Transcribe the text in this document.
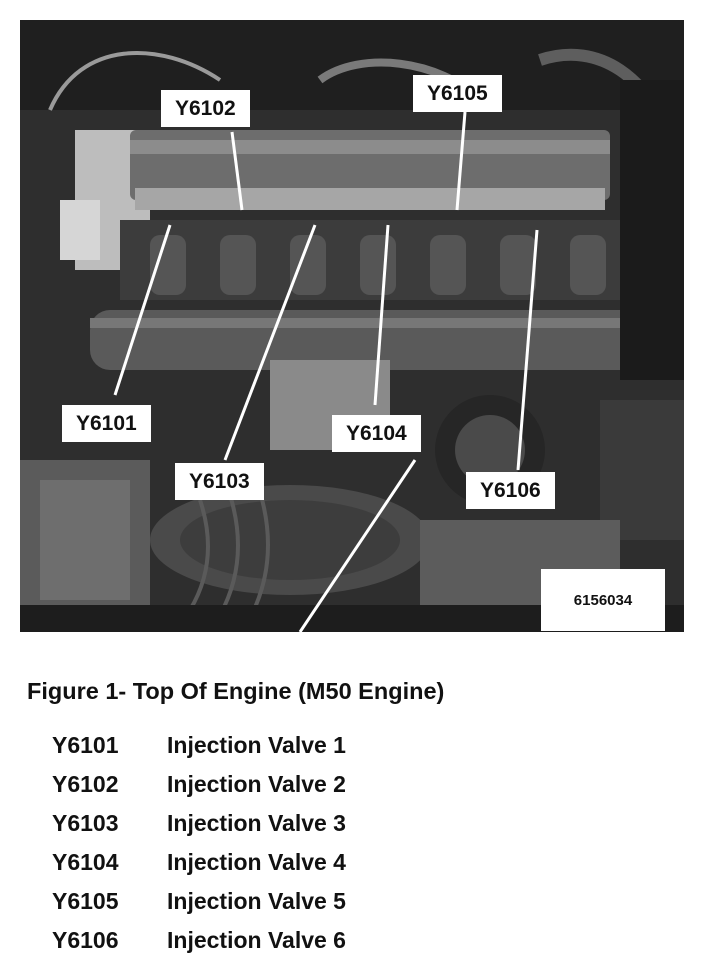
Y6101
Y6102
Y6103
Y6104
Y6105
Y6106
6156034
Figure 1- Top Of Engine (M50 Engine)
Y6101 Injection Valve 1
Y6102 Injection Valve 2
Y6103 Injection Valve 3
Y6104 Injection Valve 4
Y6105 Injection Valve 5
Y6106 Injection Valve 6
